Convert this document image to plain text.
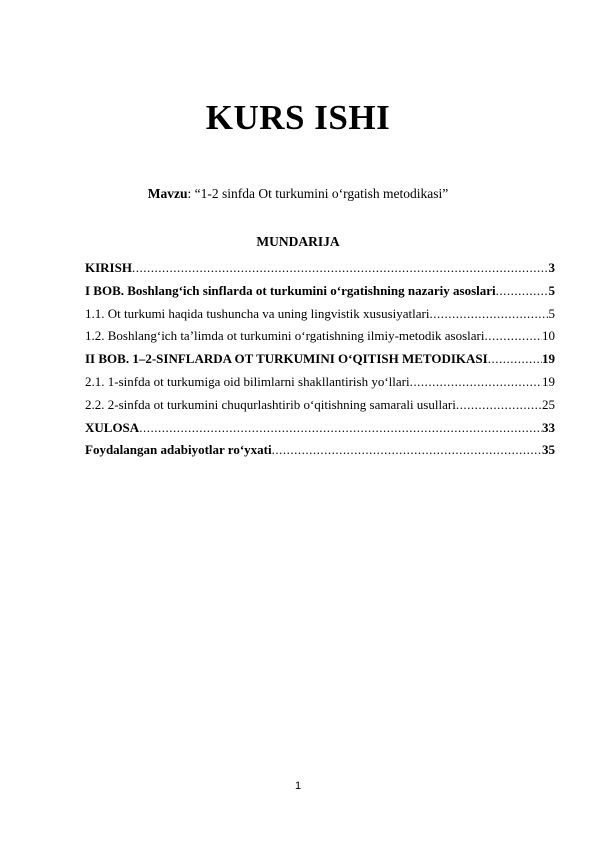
KURS ISHI
Mavzu: “1-2 sinfda Ot turkumini o‘rgatish metodikasi”
MUNDARIJA
KIRISH .....	3
I BOB. Boshlang‘ich sinflarda ot turkumini o‘rgatishning nazariy asoslari .....	5
1.1. Ot turkumi haqida tushuncha va uning lingvistik xususiyatlari .....	5
1.2. Boshlang‘ich ta’limda ot turkumini o‘rgatishning ilmiy-metodik asoslari .....	10
II BOB. 1–2-SINFLARDA OT TURKUMINI O‘QITISH METODIKASI .....	19
2.1. 1-sinfda ot turkumiga oid bilimlarni shakllantirish yo‘llari .....	19
2.2. 2-sinfda ot turkumini chuqurlashtirib o‘qitishning samarali usullari .....	25
XULOSA .....	33
Foydalangan adabiyotlar ro‘yxati .....	35
1
